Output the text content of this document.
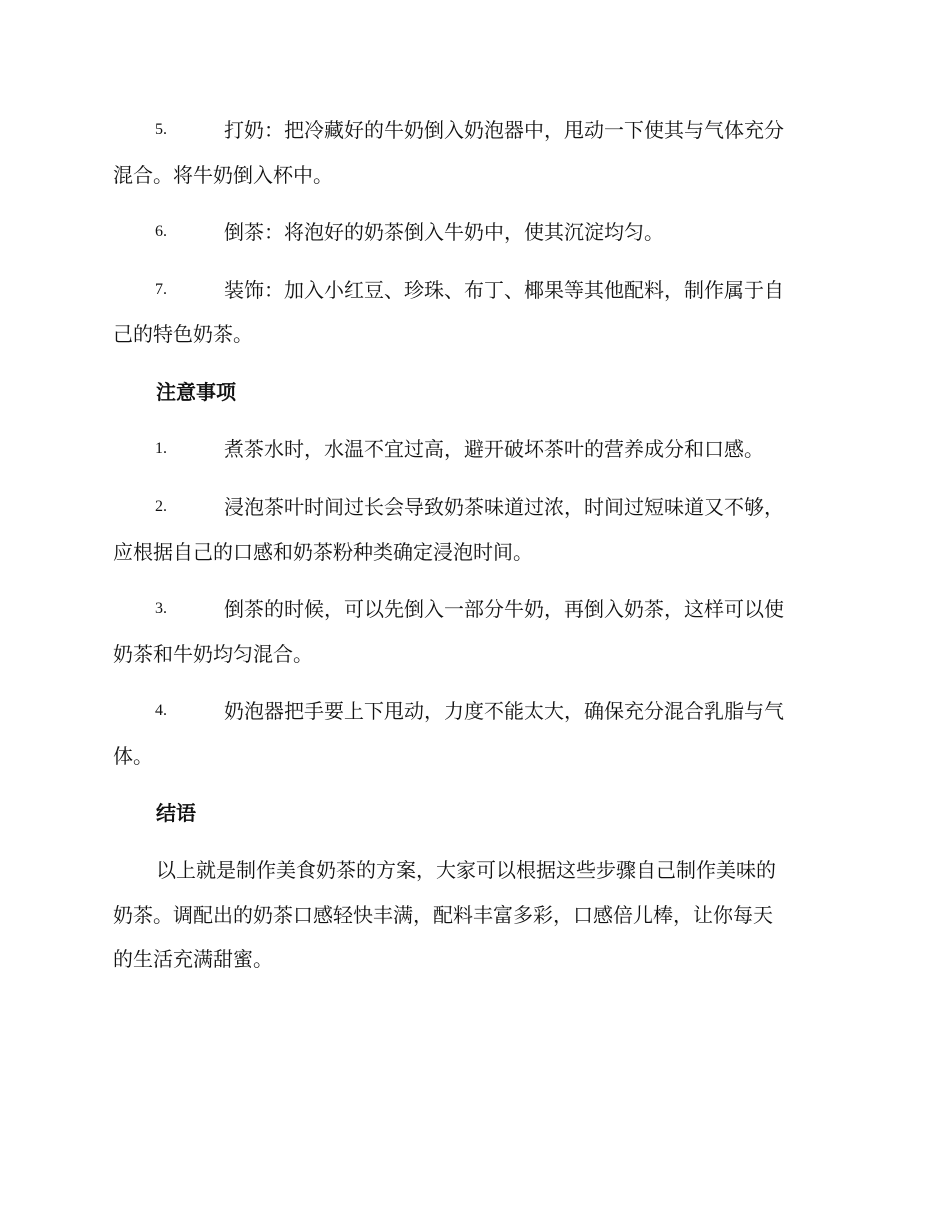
5.	打奶：把冷藏好的牛奶倒入奶泡器中，甩动一下使其与气体充分
混合。将牛奶倒入杯中。
6.	倒茶：将泡好的奶茶倒入牛奶中，使其沉淀均匀。
7.	装饰：加入小红豆、珍珠、布丁、椰果等其他配料，制作属于自
己的特色奶茶。
注意事项
1.	煮茶水时，水温不宜过高，避开破坏茶叶的营养成分和口感。
2.	浸泡茶叶时间过长会导致奶茶味道过浓，时间过短味道又不够，
应根据自己的口感和奶茶粉种类确定浸泡时间。
3.	倒茶的时候，可以先倒入一部分牛奶，再倒入奶茶，这样可以使
奶茶和牛奶均匀混合。
4.	奶泡器把手要上下甩动，力度不能太大，确保充分混合乳脂与气
体。
结语
以上就是制作美食奶茶的方案，大家可以根据这些步骤自己制作美味的
奶茶。调配出的奶茶口感轻快丰满，配料丰富多彩，口感倍儿棒，让你每天
的生活充满甜蜜。
